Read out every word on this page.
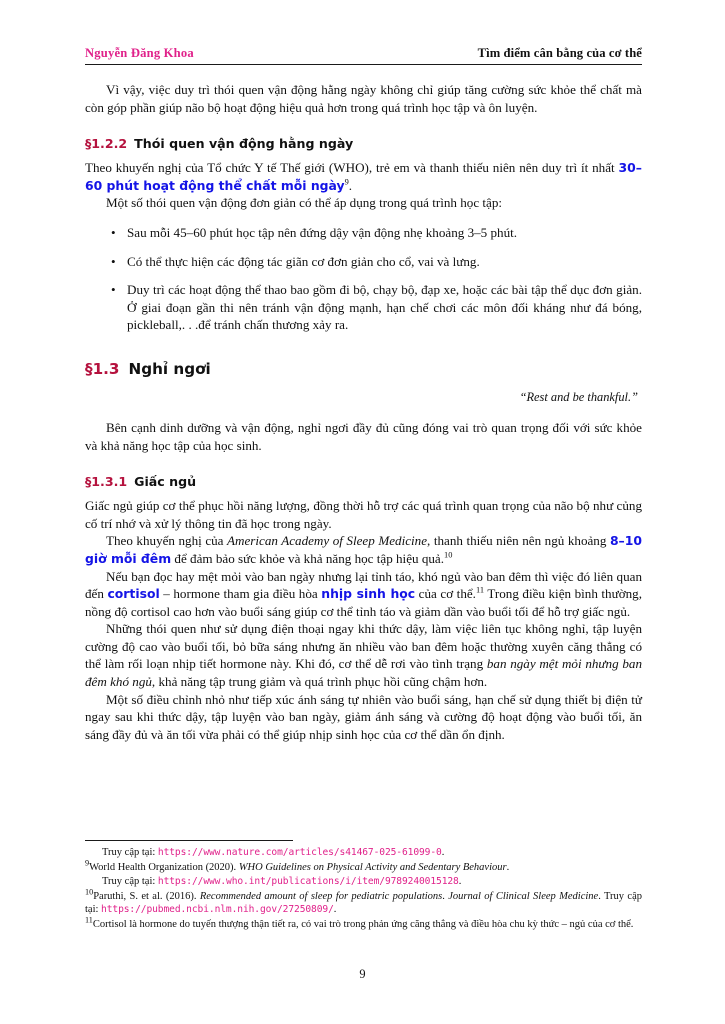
Nguyễn Đăng Khoa	Tìm điểm cân bằng của cơ thể

Vì vậy, việc duy trì thói quen vận động hằng ngày không chỉ giúp tăng cường sức khỏe thể chất mà còn góp phần giúp não bộ hoạt động hiệu quả hơn trong quá trình học tập và ôn luyện.

§1.2.2 Thói quen vận động hằng ngày

Theo khuyến nghị của Tổ chức Y tế Thế giới (WHO), trẻ em và thanh thiếu niên nên duy trì ít nhất 30–60 phút hoạt động thể chất mỗi ngày$^9$.

Một số thói quen vận động đơn giản có thể áp dụng trong quá trình học tập:

• Sau mỗi 45–60 phút học tập nên đứng dậy vận động nhẹ khoảng 3–5 phút.
• Có thể thực hiện các động tác giãn cơ đơn giản cho cổ, vai và lưng.
• Duy trì các hoạt động thể thao bao gồm đi bộ, chạy bộ, đạp xe, hoặc các bài tập thể dục đơn giản. Ở giai đoạn gần thi nên tránh vận động mạnh, hạn chế chơi các môn đối kháng như đá bóng, pickleball,. . .để tránh chấn thương xảy ra.
§1.3 Nghỉ ngơi

“Rest and be thankful.”

Bên cạnh dinh dưỡng và vận động, nghỉ ngơi đầy đủ cũng đóng vai trò quan trọng đối với sức khỏe và khả năng học tập của học sinh.

§1.3.1 Giấc ngủ

Giấc ngủ giúp cơ thể phục hồi năng lượng, đồng thời hỗ trợ các quá trình quan trọng của não bộ như củng cố trí nhớ và xử lý thông tin đã học trong ngày.

Theo khuyến nghị của American Academy of Sleep Medicine, thanh thiếu niên nên ngủ khoảng 8–10 giờ mỗi đêm để đảm bảo sức khỏe và khả năng học tập hiệu quả.$^{10}$

Nếu bạn đọc hay mệt mỏi vào ban ngày nhưng lại tỉnh táo, khó ngủ vào ban đêm thì việc đó liên quan đến cortisol – hormone tham gia điều hòa nhịp sinh học của cơ thể.$^{11}$ Trong điều kiện bình thường, nồng độ cortisol cao hơn vào buổi sáng giúp cơ thể tỉnh táo và giảm dần vào buổi tối để hỗ trợ giấc ngủ.

Những thói quen như sử dụng điện thoại ngay khi thức dậy, làm việc liên tục không nghỉ, tập luyện cường độ cao vào buổi tối, bỏ bữa sáng nhưng ăn nhiều vào ban đêm hoặc thường xuyên căng thẳng có thể làm rối loạn nhịp tiết hormone này. Khi đó, cơ thể dễ rơi vào tình trạng ban ngày mệt mỏi nhưng ban đêm khó ngủ, khả năng tập trung giảm và quá trình phục hồi cũng chậm hơn.

Một số điều chỉnh nhỏ như tiếp xúc ánh sáng tự nhiên vào buổi sáng, hạn chế sử dụng thiết bị điện tử ngay sau khi thức dậy, tập luyện vào ban ngày, giảm ánh sáng và cường độ hoạt động vào buổi tối, ăn sáng đầy đủ và ăn tối vừa phải có thể giúp nhịp sinh học của cơ thể dần ổn định.

Truy cập tại: https://www.nature.com/articles/s41467-025-61099-0.

$^9$World Health Organization (2020). WHO Guidelines on Physical Activity and Sedentary Behaviour.

Truy cập tại: https://www.who.int/publications/i/item/9789240015128.

$^{10}$Paruthi, S. et al. (2016). Recommended amount of sleep for pediatric populations. Journal of Clinical Sleep Medicine. Truy cập tại: https://pubmed.ncbi.nlm.nih.gov/27250809/.

$^{11}$Cortisol là hormone do tuyến thượng thận tiết ra, có vai trò trong phản ứng căng thẳng và điều hòa chu kỳ thức – ngủ của cơ thể.

9
